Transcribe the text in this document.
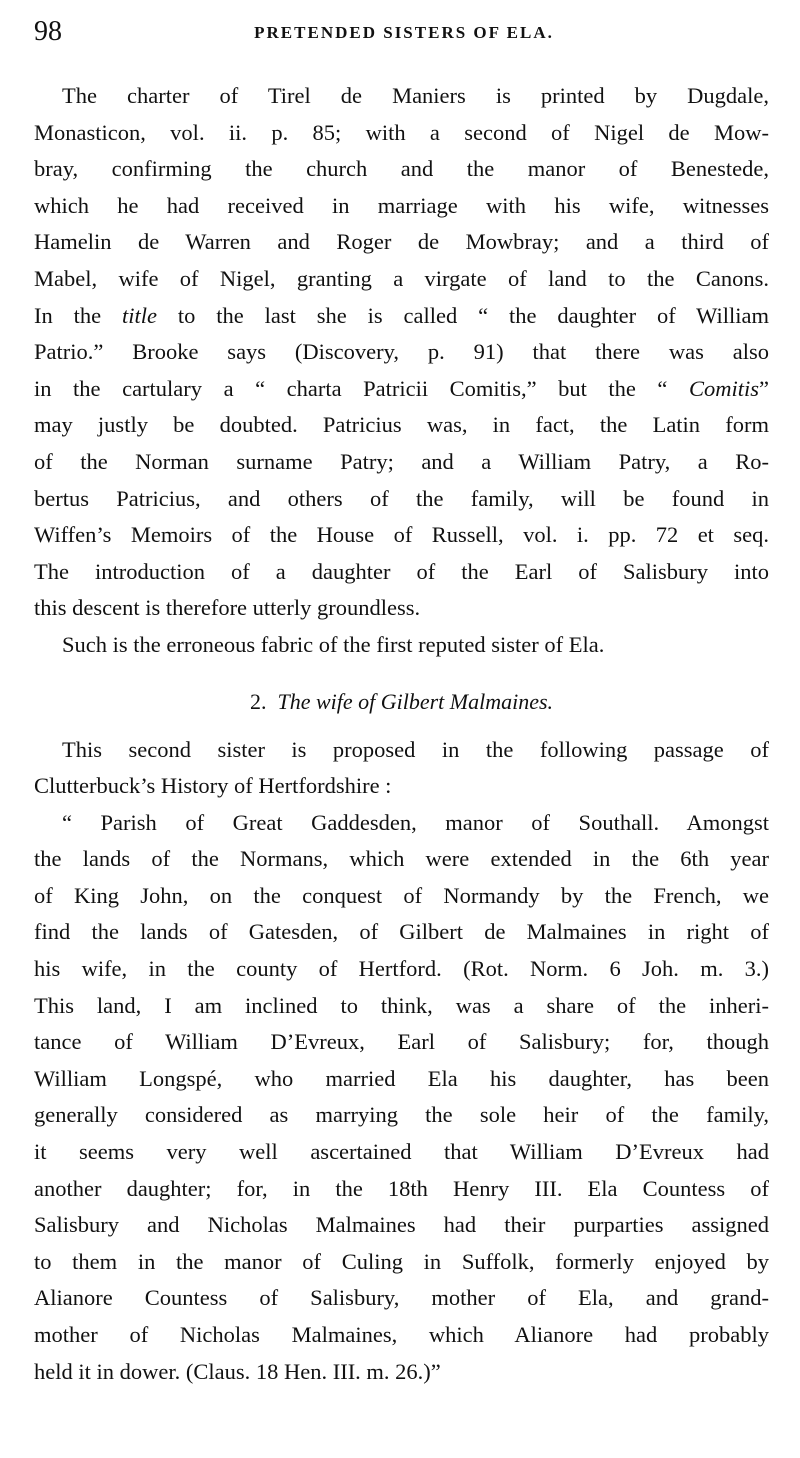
98	PRETENDED SISTERS OF ELA.
The charter of Tirel de Maniers is printed by Dugdale,
Monasticon, vol. ii. p. 85; with a second of Nigel de Mow-
bray, confirming the church and the manor of Benestede,
which he had received in marriage with his wife, witnesses
Hamelin de Warren and Roger de Mowbray; and a third of
Mabel, wife of Nigel, granting a virgate of land to the Canons.
In the title to the last she is called “ the daughter of William
Patrio.” Brooke says (Discovery, p. 91) that there was also
in the cartulary a “ charta Patricii Comitis,” but the “ Comitis”
may justly be doubted. Patricius was, in fact, the Latin form
of the Norman surname Patry; and a William Patry, a Ro-
bertus Patricius, and others of the family, will be found in
Wiffen’s Memoirs of the House of Russell, vol. i. pp. 72 et seq.
The introduction of a daughter of the Earl of Salisbury into
this descent is therefore utterly groundless.
Such is the erroneous fabric of the first reputed sister of Ela.
2. The wife of Gilbert Malmaines.
This second sister is proposed in the following passage of
Clutterbuck’s History of Hertfordshire :
“ Parish of Great Gaddesden, manor of Southall. Amongst
the lands of the Normans, which were extended in the 6th year
of King John, on the conquest of Normandy by the French, we
find the lands of Gatesden, of Gilbert de Malmaines in right of
his wife, in the county of Hertford. (Rot. Norm. 6 Joh. m. 3.)
This land, I am inclined to think, was a share of the inheri-
tance of William D’Evreux, Earl of Salisbury; for, though
William Longspé, who married Ela his daughter, has been
generally considered as marrying the sole heir of the family,
it seems very well ascertained that William D’Evreux had
another daughter; for, in the 18th Henry III. Ela Countess of
Salisbury and Nicholas Malmaines had their purparties assigned
to them in the manor of Culing in Suffolk, formerly enjoyed by
Alianore Countess of Salisbury, mother of Ela, and grand-
mother of Nicholas Malmaines, which Alianore had probably
held it in dower. (Claus. 18 Hen. III. m. 26.)”
